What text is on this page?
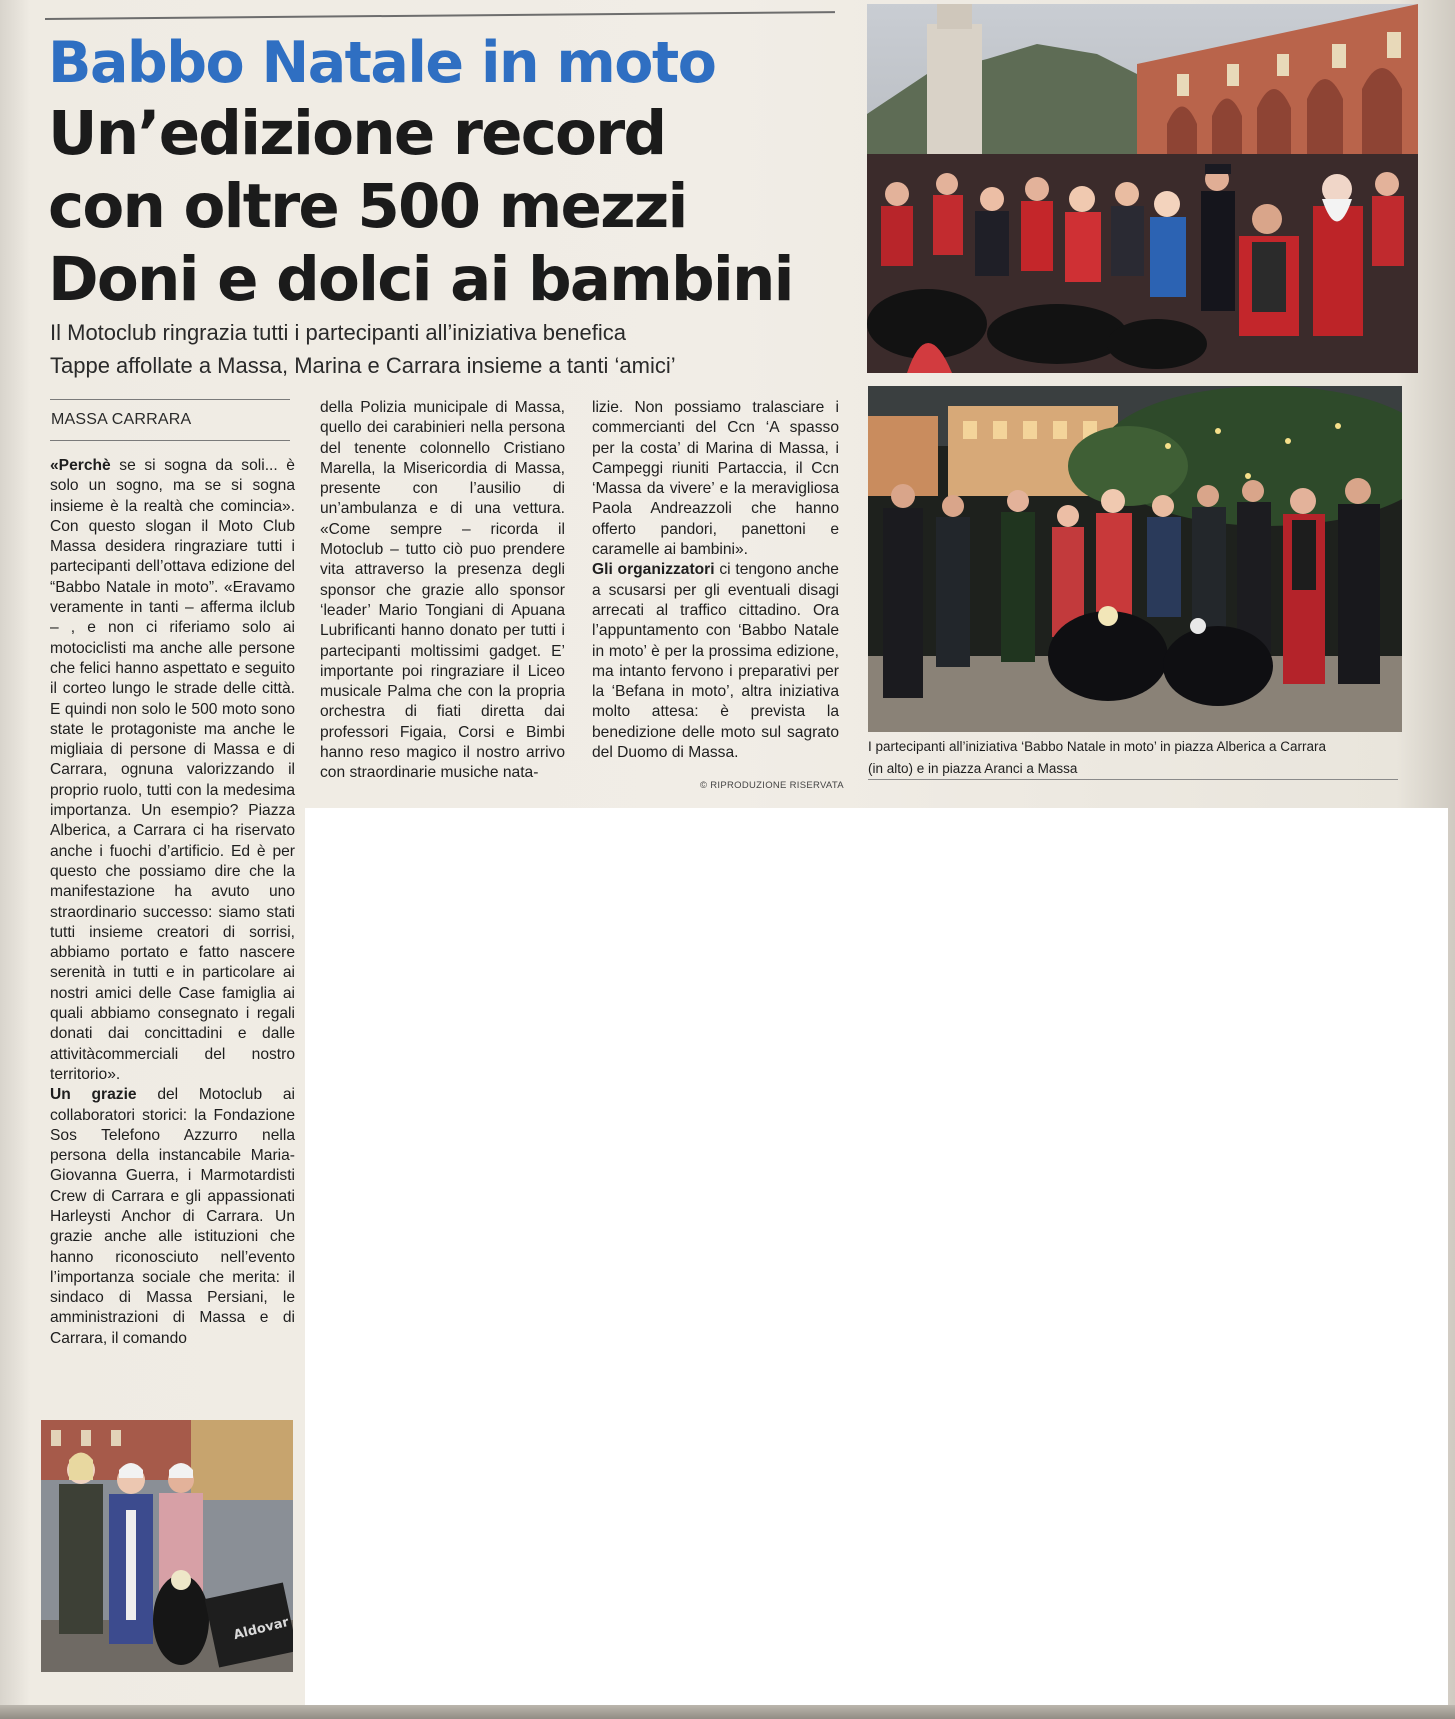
Babbo Natale in moto
Un’edizione record
con oltre 500 mezzi
Doni e dolci ai bambini
Il Motoclub ringrazia tutti i partecipanti all’iniziativa benefica
Tappe affollate a Massa, Marina e Carrara insieme a tanti ‘amici’
MASSA CARRARA

«Perchè se si sogna da soli... è solo un sogno, ma se si sogna insieme è la realtà che comincia». Con questo slogan il Moto Club Massa desidera ringraziare tutti i partecipanti dell’ottava edizione del “Babbo Natale in moto”. «Eravamo veramente in tanti – afferma ilclub – , e non ci riferiamo solo ai motociclisti ma anche alle persone che felici hanno aspettato e seguito il corteo lungo le strade delle città. E quindi non solo le 500 moto sono state le protagoniste ma anche le migliaia di persone di Massa e di Carrara, ognuna valorizzando il proprio ruolo, tutti con la medesima importanza. Un esempio? Piazza Alberica, a Carrara ci ha riservato anche i fuochi d’artificio. Ed è per questo che possiamo dire che la manifestazione ha avuto uno straordinario successo: siamo stati tutti insieme creatori di sorrisi, abbiamo portato e fatto nascere serenità in tutti e in particolare ai nostri amici delle Case famiglia ai quali abbiamo consegnato i regali donati dai concittadini e dalle attivitàcommerciali del nostro territorio».

Un grazie del Motoclub ai collaboratori storici: la Fondazione Sos Telefono Azzurro nella persona della instancabile Maria-Giovanna Guerra, i Marmotardisti Crew di Carrara e gli appassionati Harleysti Anchor di Carrara. Un grazie anche alle istituzioni che hanno riconosciuto nell’evento l’importanza sociale che merita: il sindaco di Massa Persiani, le amministrazioni di Massa e di Carrara, il comando

della Polizia municipale di Massa, quello dei carabinieri nella persona del tenente colonnello Cristiano Marella, la Misericordia di Massa, presente con l’ausilio di un’ambulanza e di una vettura. «Come sempre – ricorda il Motoclub – tutto ciò puo prendere vita attraverso la presenza degli sponsor che grazie allo sponsor ‘leader’ Mario Tongiani di Apuana Lubrificanti hanno donato per tutti i partecipanti moltissimi gadget. E’ importante poi ringraziare il Liceo musicale Palma che con la propria orchestra di fiati diretta dai professori Figaia, Corsi e Bimbi hanno reso magico il nostro arrivo con straordinarie musiche nata-

lizie. Non possiamo tralasciare i commercianti del Ccn ‘A spasso per la costa’ di Marina di Massa, i Campeggi riuniti Partaccia, il Ccn ‘Massa da vivere’ e la meravigliosa Paola Andreazzoli che hanno offerto pandori, panettoni e caramelle ai bambini».

Gli organizzatori ci tengono anche a scusarsi per gli eventuali disagi arrecati al traffico cittadino. Ora l’appuntamento con ‘Babbo Natale in moto’ è per la prossima edizione, ma intanto fervono i preparativi per la ‘Befana in moto’, altra iniziativa molto attesa: è prevista la benedizione delle moto sul sagrato del Duomo di Massa.

© RIPRODUZIONE RISERVATA
I partecipanti all’iniziativa ‘Babbo Natale in moto’ in piazza Alberica a Carrara
(in alto) e in piazza Aranci a Massa
Aldovar
